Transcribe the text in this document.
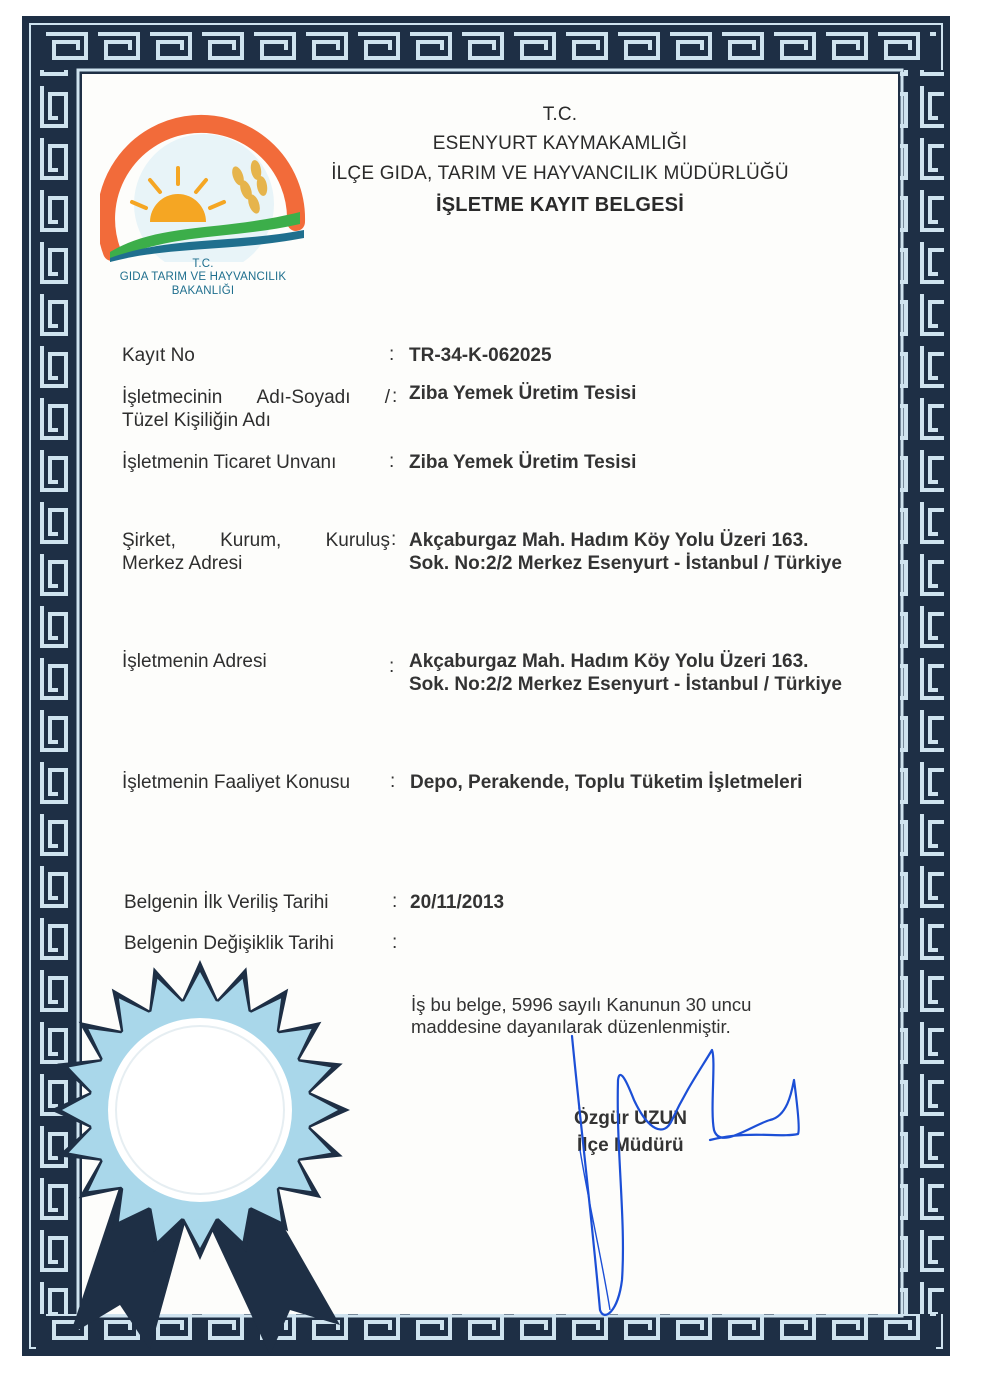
T.C.
GIDA TARIM VE HAYVANCILIK
BAKANLIĞI
T.C.
ESENYURT KAYMAKAMLIĞI
İLÇE GIDA, TARIM VE HAYVANCILIK MÜDÜRLÜĞÜ
İŞLETME KAYIT BELGESİ
Kayıt No	: TR-34-K-062025
İşletmecinin Adı-Soyadı /
Tüzel Kişiliğin Adı
: Ziba Yemek Üretim Tesisi
İşletmenin Ticaret Unvanı	: Ziba Yemek Üretim Tesisi
Şirket, Kurum, Kuruluş
Merkez Adresi
: Akçaburgaz Mah. Hadım Köy Yolu Üzeri 163.
Sok. No:2/2 Merkez Esenyurt - İstanbul / Türkiye
İşletmenin Adresi	: Akçaburgaz Mah. Hadım Köy Yolu Üzeri 163.
Sok. No:2/2 Merkez Esenyurt - İstanbul / Türkiye
İşletmenin Faaliyet Konusu : Depo, Perakende, Toplu Tüketim İşletmeleri
Belgenin İlk Veriliş Tarihi	: 20/11/2013
Belgenin Değişiklik Tarihi	:
İş bu belge, 5996 sayılı Kanunun 30 uncu
maddesine dayanılarak düzenlenmiştir.
Özgür UZUN
İlçe Müdürü
